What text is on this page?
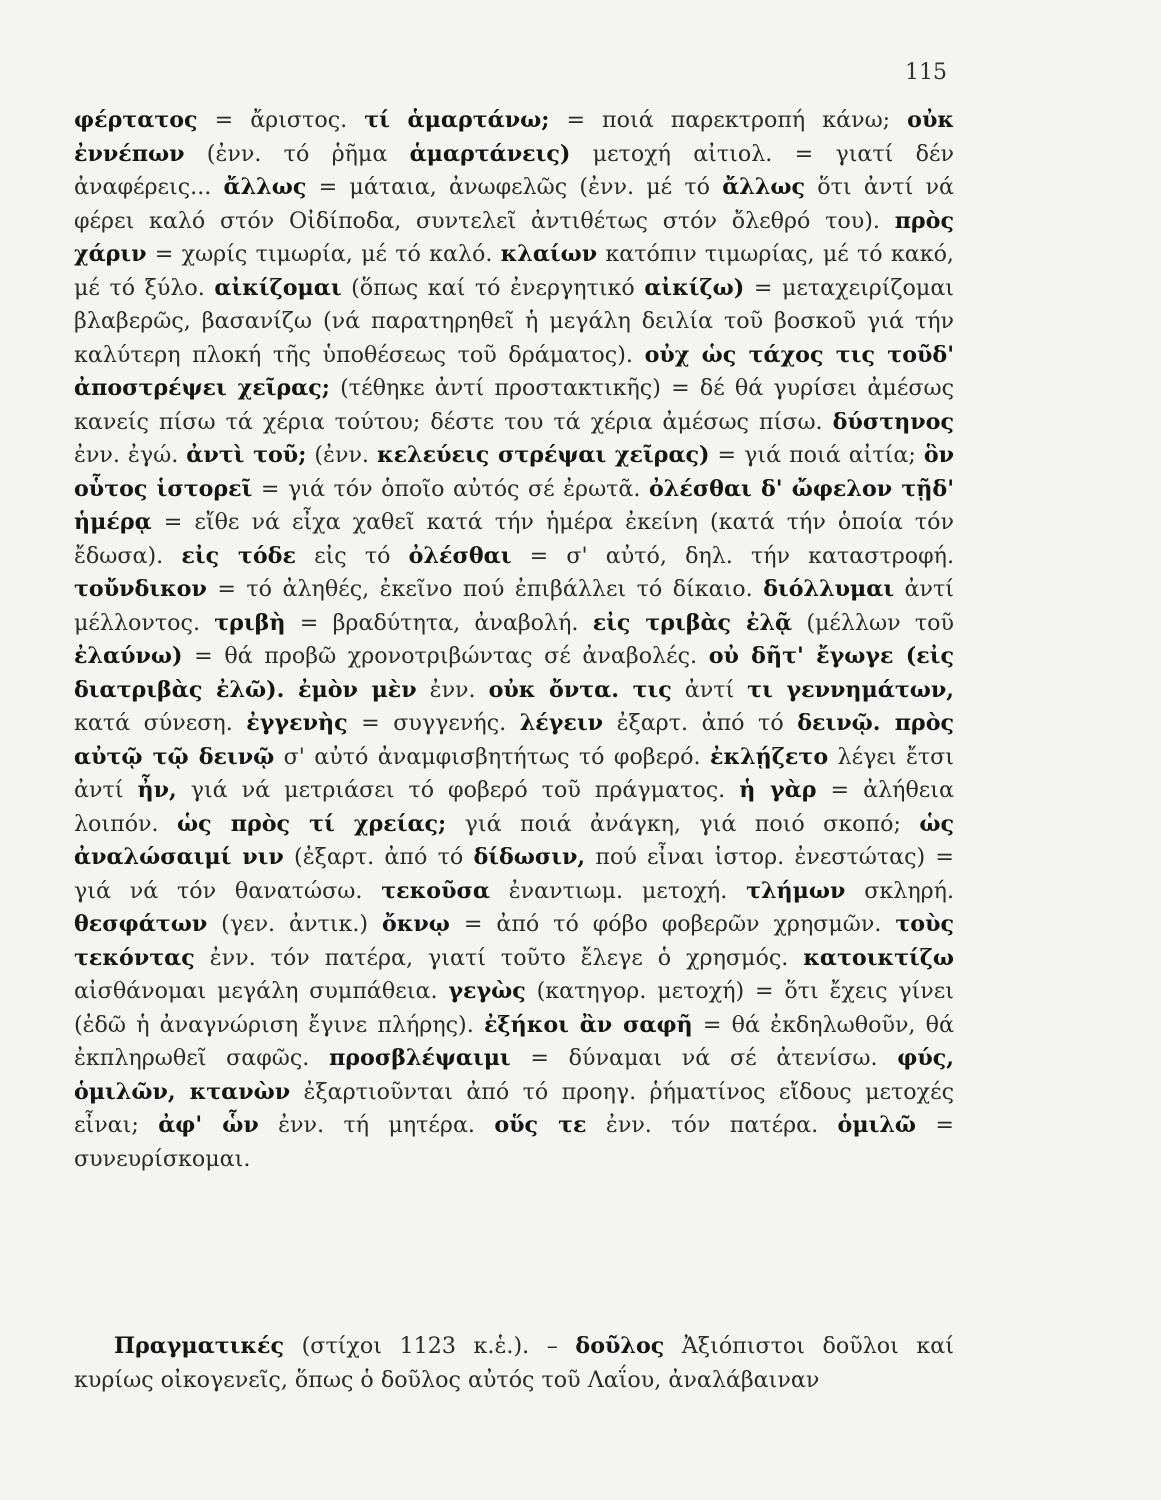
115

φέρτατος = ἄριστος. τί ἁμαρτάνω; = ποιά παρεκτροπή κάνω; οὐκ ἐννέπων (ἐνν. τό ῥῆμα ἁμαρτάνεις) μετοχή αἰτιολ. = γιατί δέν ἀναφέρεις... ἄλλως = μάταια, ἀνωφελῶς (ἐνν. μέ τό ἄλλως ὅτι ἀντί νά φέρει καλό στόν Οἰδίποδα, συντελεῖ ἀντιθέτως στόν ὄλεθρό του). πρὸς χάριν = χωρίς τιμωρία, μέ τό καλό. κλαίων κατόπιν τιμωρίας, μέ τό κακό, μέ τό ξύλο. αἰκίζομαι (ὅπως καί τό ἐνεργητικό αἰκίζω) = μεταχειρίζομαι βλαβερῶς, βασανίζω (νά παρατηρηθεῖ ἡ μεγάλη δειλία τοῦ βοσκοῦ γιά τήν καλύτερη πλοκή τῆς ὑποθέσεως τοῦ δράματος). οὐχ ὡς τάχος τις τοῦδ' ἀποστρέψει χεῖρας; (τέθηκε ἀντί προστακτικῆς) = δέ θά γυρίσει ἀμέσως κανείς πίσω τά χέρια τούτου; δέστε του τά χέρια ἀμέσως πίσω. δύστηνος ἐνν. ἐγώ. ἀντὶ τοῦ; (ἐνν. κελεύεις στρέψαι χεῖρας) = γιά ποιά αἰτία; ὃν οὗτος ἱστορεῖ = γιά τόν ὁποῖο αὐτός σέ ἐρωτᾶ. ὀλέσθαι δ' ὤφελον τῇδ' ἡμέρᾳ = εἴθε νά εἶχα χαθεῖ κατά τήν ἡμέρα ἐκείνη (κατά τήν ὁποία τόν ἔδωσα). εἰς τόδε εἰς τό ὀλέσθαι = σ' αὐτό, δηλ. τήν καταστροφή. τοὔνδικον = τό ἀληθές, ἐκεῖνο πού ἐπιβάλλει τό δίκαιο. διόλλυμαι ἀντί μέλλοντος. τριβὴ = βραδύτητα, ἀναβολή. εἰς τριβὰς ἐλᾷ (μέλλων τοῦ ἐλαύνω) = θά προβῶ χρονοτριβώντας σέ ἀναβολές. οὐ δῆτ' ἔγωγε (εἰς διατριβὰς ἐλῶ). ἐμὸν μὲν ἐνν. οὐκ ὄντα. τις ἀντί τι γεννημάτων, κατά σύνεση. ἐγγενὴς = συγγενής. λέγειν ἐξαρτ. ἀπό τό δεινῷ. πρὸς αὐτῷ τῷ δεινῷ σ' αὐτό ἀναμφισβητήτως τό φοβερό. ἐκλῄζετο λέγει ἔτσι ἀντί ἦν, γιά νά μετριάσει τό φοβερό τοῦ πράγματος. ἡ γὰρ = ἀλήθεια λοιπόν. ὡς πρὸς τί χρείας; γιά ποιά ἀνάγκη, γιά ποιό σκοπό; ὡς ἀναλώσαιμί νιν (ἐξαρτ. ἀπό τό δίδωσιν, πού εἶναι ἱστορ. ἐνεστώτας) = γιά νά τόν θανατώσω. τεκοῦσα ἐναντιωμ. μετοχή. τλήμων σκληρή. θεσφάτων (γεν. ἀντικ.) ὄκνῳ = ἀπό τό φόβο φοβερῶν χρησμῶν. τοὺς τεκόντας ἐνν. τόν πατέρα, γιατί τοῦτο ἔλεγε ὁ χρησμός. κατοικτίζω αἰσθάνομαι μεγάλη συμπάθεια. γεγὼς (κατηγορ. μετοχή) = ὅτι ἔχεις γίνει (ἐδῶ ἡ ἀναγνώριση ἔγινε πλήρης). ἐξήκοι ἂν σαφῆ = θά ἐκδηλωθοῦν, θά ἐκπληρωθεῖ σαφῶς. προσβλέψαιμι = δύναμαι νά σέ ἀτενίσω. φύς, ὁμιλῶν, κτανὼν ἐξαρτιοῦνται ἀπό τό προηγ. ῥήματίνος εἴδους μετοχές εἶναι; ἀφ' ὧν ἐνν. τή μητέρα. οὕς τε ἐνν. τόν πατέρα. ὁμιλῶ = συνευρίσκομαι.

Πραγματικές (στίχοι 1123 κ.ἑ.). – δοῦλος Ἀξιόπιστοι δοῦλοι καί κυρίως οἰκογενεῖς, ὅπως ὁ δοῦλος αὐτός τοῦ Λαΐου, ἀναλάβαιναν
